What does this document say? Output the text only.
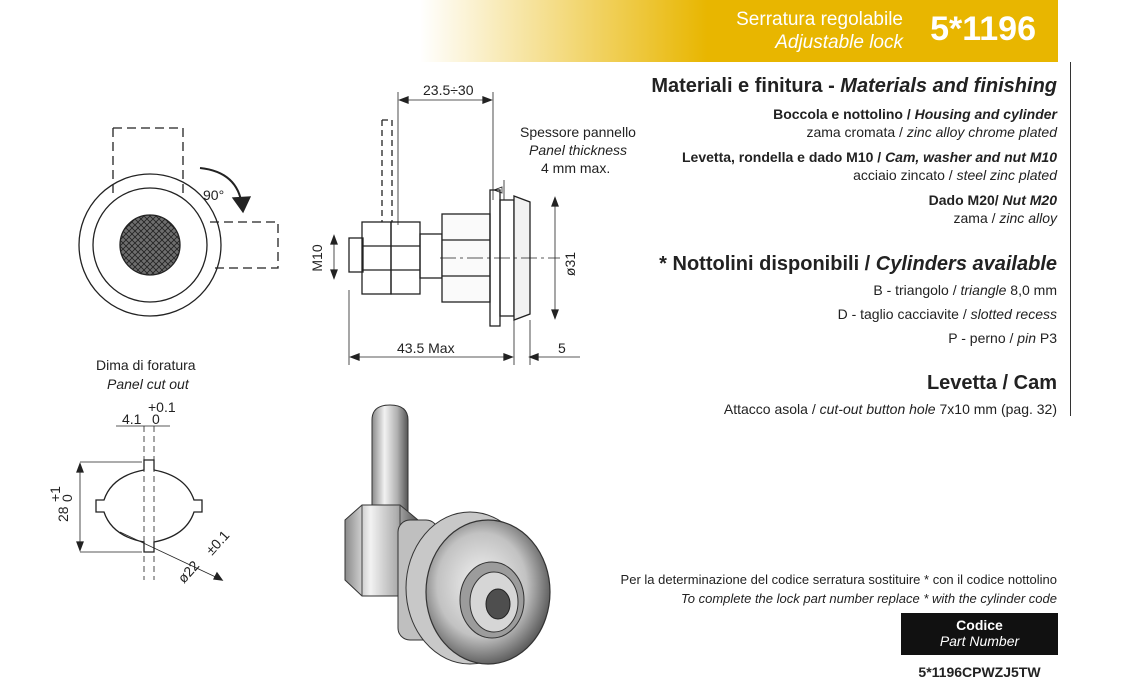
Serratura regolabile
Adjustable lock 5*1196
Materiali e finitura - Materials and finishing
Boccola e nottolino / Housing and cylinder
zama cromata / zinc alloy chrome plated
Levetta, rondella e dado M10 / Cam, washer and nut M10
acciaio zincato / steel zinc plated
Dado M20/ Nut M20
zama / zinc alloy
* Nottolini disponibili / Cylinders available
B - triangolo / triangle 8,0 mm
D - taglio cacciavite / slotted recess
P - perno / pin P3
Levetta / Cam
Attacco asola / cut-out button hole 7x10 mm (pag. 32)
Per la determinazione del codice serratura sostituire * con il codice nottolino
To complete the lock part number replace * with the cylinder code
Codice
Part Number
5*1196CPWZJ5TW
90°
23.5÷30
Spessore pannello
Panel thickness
4 mm max.
ø31
M10
43.5 Max	5
Dima di foratura
Panel cut out
4.1
+0.1
0
28
+1
0
ø22
±0.1
